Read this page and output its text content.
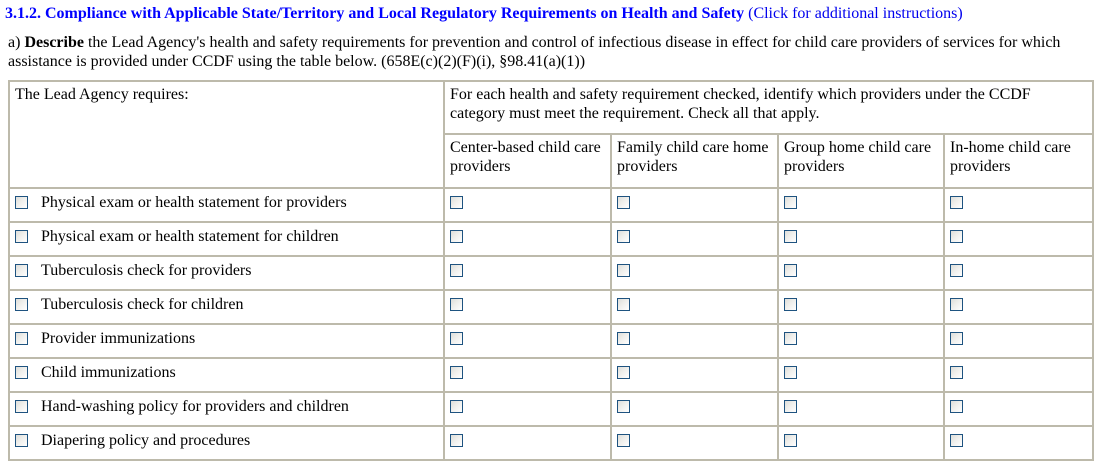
3.1.2. Compliance with Applicable State/Territory and Local Regulatory Requirements on Health and Safety (Click for additional instructions)

a) Describe the Lead Agency's health and safety requirements for prevention and control of infectious disease in effect for child care providers of services for which assistance is provided under CCDF using the table below. (658E(c)(2)(F)(i), §98.41(a)(1))

The Lead Agency requires:	For each health and safety requirement checked, identify which providers under the CCDF category must meet the requirement. Check all that apply.			
	Center-based child care providers	Family child care home providers	Group home child care providers	In-home child care providers
Physical exam or health statement for providers				
Physical exam or health statement for children				
Tuberculosis check for providers				
Tuberculosis check for children				
Provider immunizations				
Child immunizations				
Hand-washing policy for providers and children				
Diapering policy and procedures				
